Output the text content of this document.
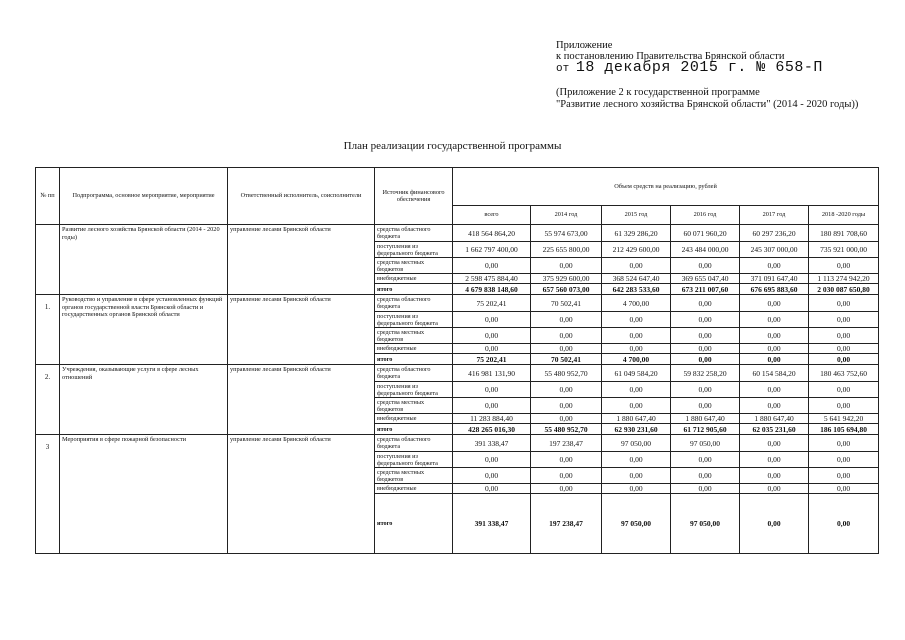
Приложение
к постановлению Правительства Брянской области
от 18 декабря 2015 г. № 658-П
(Приложение 2 к государственной программе
"Развитие лесного хозяйства Брянской области" (2014 - 2020 годы))
План реализации государственной программы
№ пп	Подпрограмма, основное мероприятие, мероприятие	Ответственный исполнитель, соисполнители	Источник финансового обеспечения	Объем средств на реализацию, рублей					
				всего	2014 год	2015 год	2016 год	2017 год	2018 -2020 годы
	Развитие лесного хозяйства Брянской области (2014 - 2020 годы)	управление лесами Брянской области	средства областного бюджета	418 564 864,20	55 974 673,00	61 329 286,20	60 071 960,20	60 297 236,20	180 891 708,60
			поступления из федерального бюджета	1 662 797 400,00	225 655 800,00	212 429 600,00	243 484 000,00	245 307 000,00	735 921 000,00
			средства местных бюджетов	0,00	0,00	0,00	0,00	0,00	0,00
			внебюджетные	2 598 475 884,40	375 929 600,00	368 524 647,40	369 655 047,40	371 091 647,40	1 113 274 942,20
			итого	4 679 838 148,60	657 560 073,00	642 283 533,60	673 211 007,60	676 695 883,60	2 030 087 650,80
1.	Руководство и управление в сфере установленных функций органов государственной власти Брянской области и государственных органов Брянской области	управление лесами Брянской области	средства областного бюджета	75 202,41	70 502,41	4 700,00	0,00	0,00	0,00
			поступления из федерального бюджета	0,00	0,00	0,00	0,00	0,00	0,00
			средства местных бюджетов	0,00	0,00	0,00	0,00	0,00	0,00
			внебюджетные	0,00	0,00	0,00	0,00	0,00	0,00
			итого	75 202,41	70 502,41	4 700,00	0,00	0,00	0,00
2.	Учреждения, оказывающие услуги в сфере лесных отношений	управление лесами Брянской области	средства областного бюджета	416 981 131,90	55 480 952,70	61 049 584,20	59 832 258,20	60 154 584,20	180 463 752,60
			поступления из федерального бюджета	0,00	0,00	0,00	0,00	0,00	0,00
			средства местных бюджетов	0,00	0,00	0,00	0,00	0,00	0,00
			внебюджетные	11 283 884,40	0,00	1 880 647,40	1 880 647,40	1 880 647,40	5 641 942,20
			итого	428 265 016,30	55 480 952,70	62 930 231,60	61 712 905,60	62 035 231,60	186 105 694,80
3	Мероприятия в сфере пожарной безопасности	управление лесами Брянской области	средства областного бюджета	391 338,47	197 238,47	97 050,00	97 050,00	0,00	0,00
			поступления из федерального бюджета	0,00	0,00	0,00	0,00	0,00	0,00
			средства местных бюджетов	0,00	0,00	0,00	0,00	0,00	0,00
			внебюджетные	0,00	0,00	0,00	0,00	0,00	0,00
			итого	391 338,47	197 238,47	97 050,00	97 050,00	0,00	0,00
